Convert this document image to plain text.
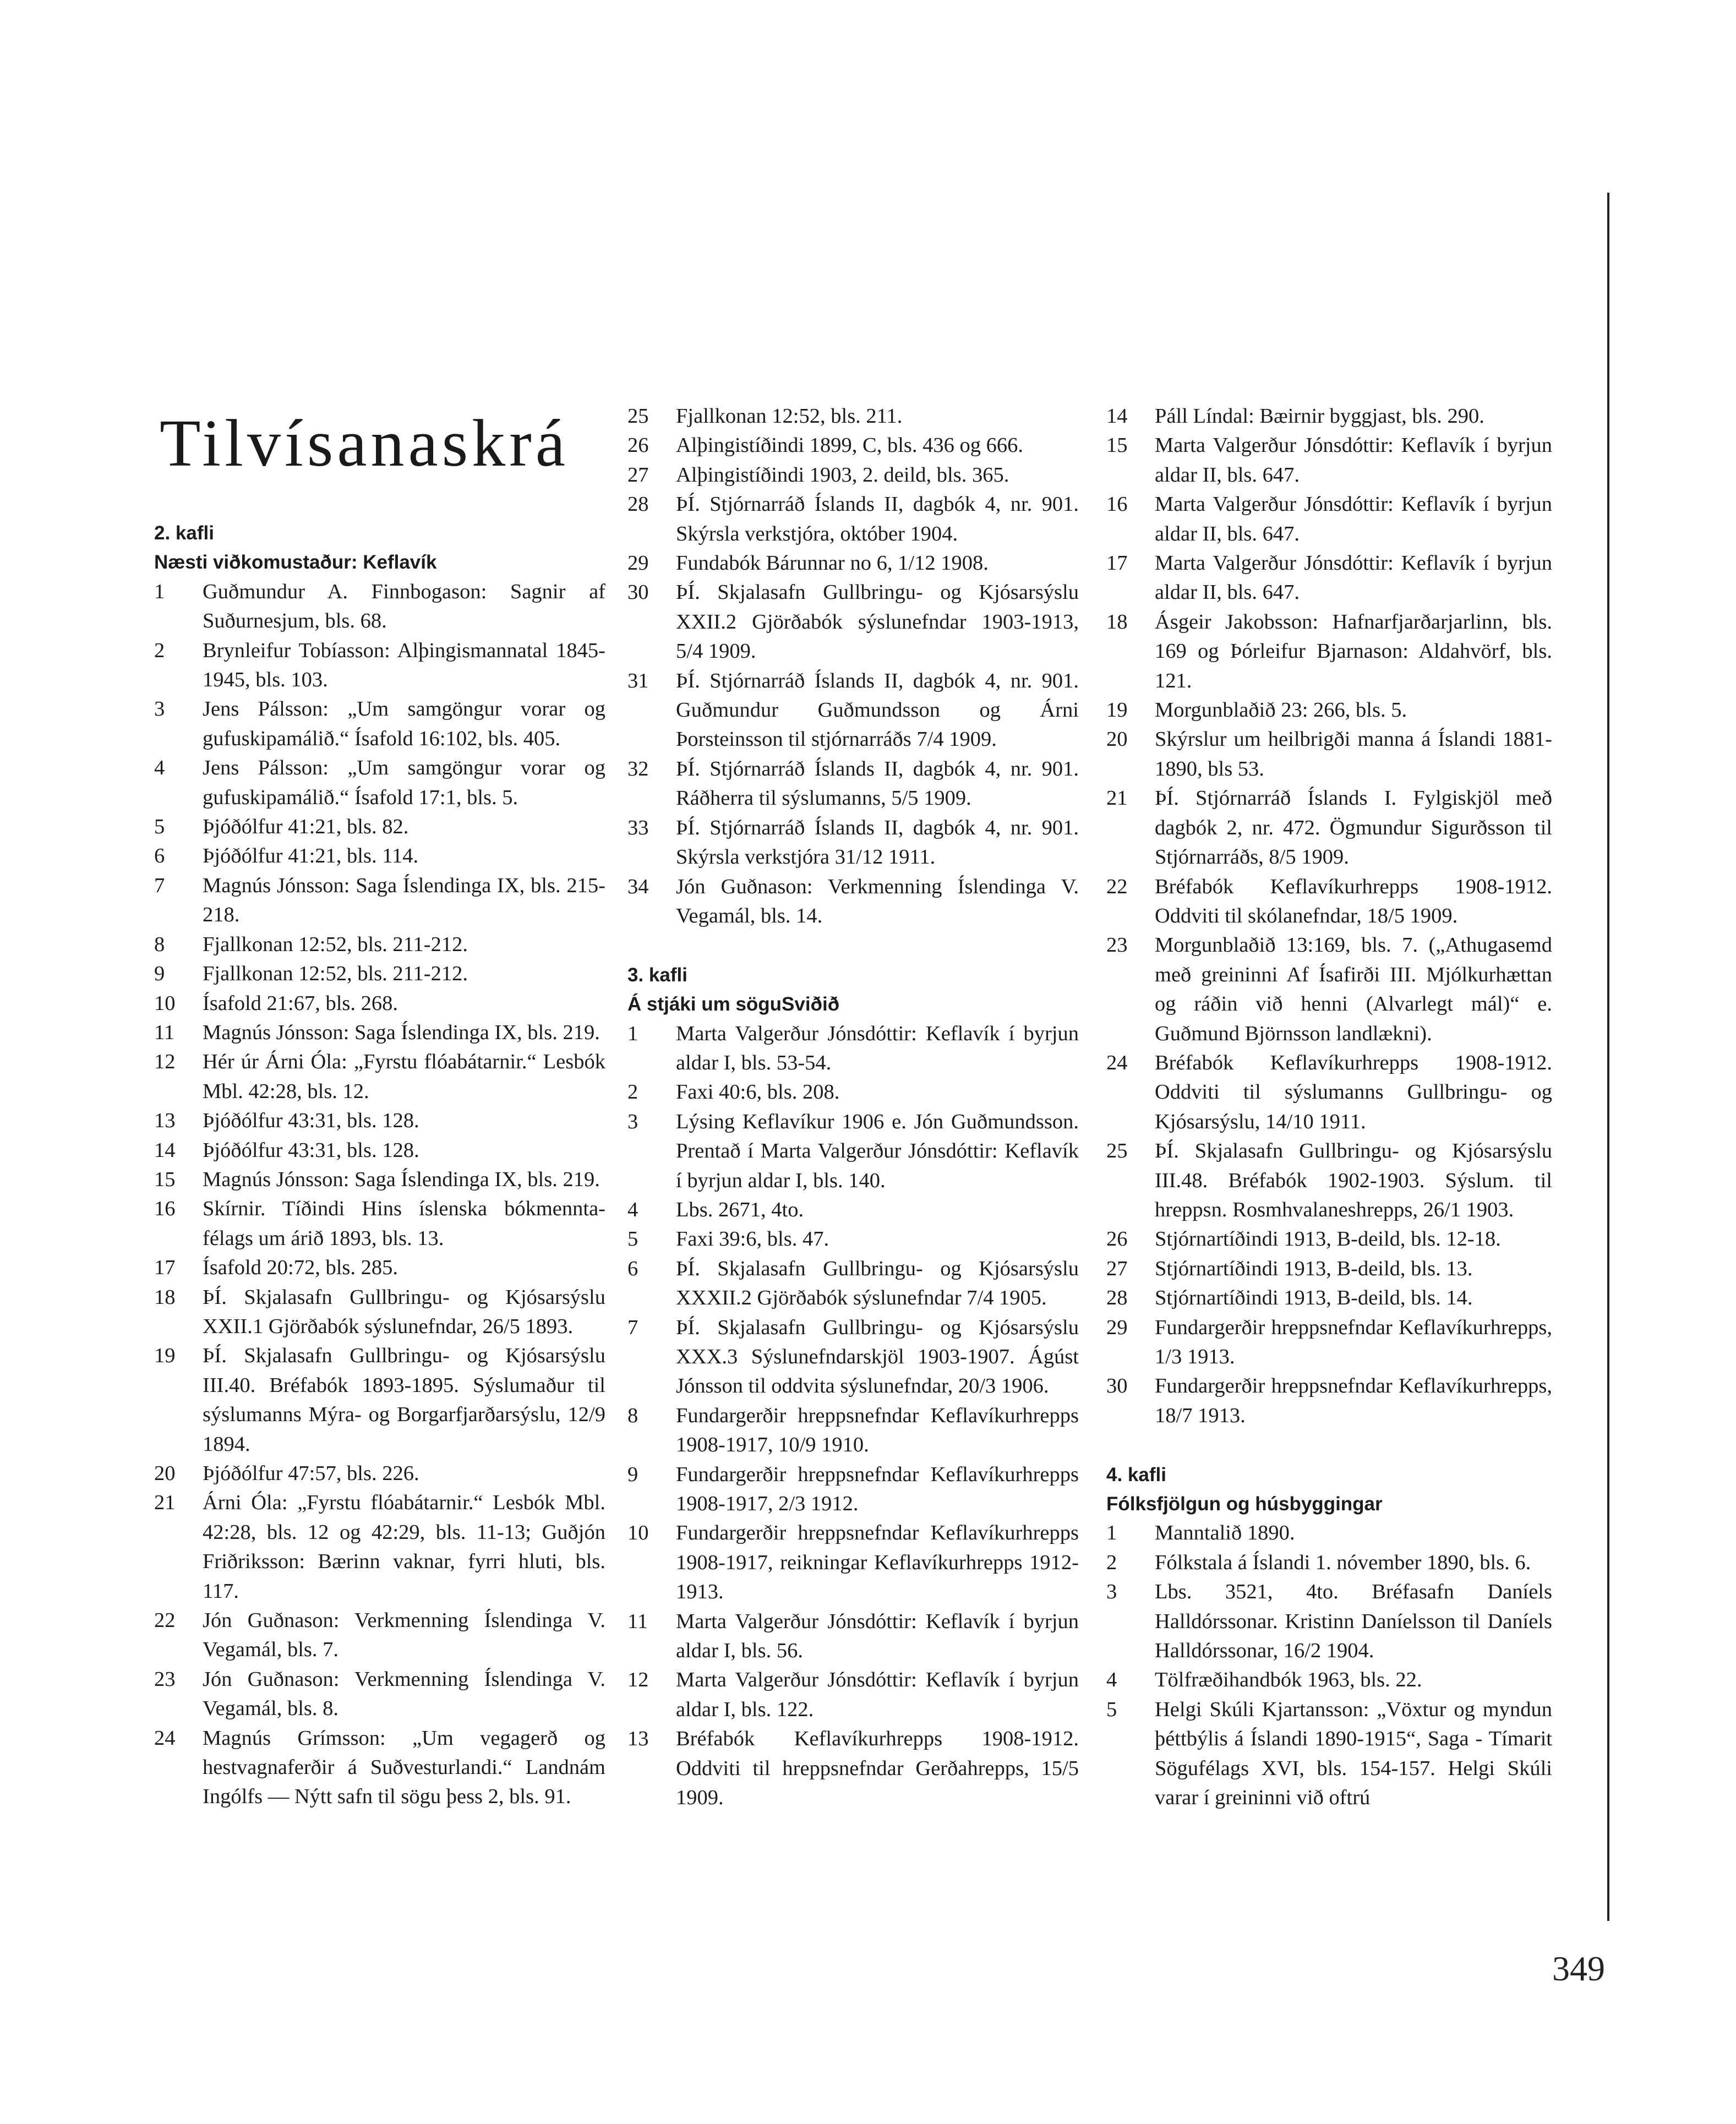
Tilvísanaskrá
2. kafli
Næsti viðkomustaður: Keflavík
1	Guðmundur A. Finnbogason: Sagnir af Suðurnesjum, bls. 68.
2	Brynleifur Tobíasson: Alþingismannatal 1845-1945, bls. 103.
3	Jens Pálsson: „Um samgöngur vorar og gufuskipamálið.“ Ísafold 16:102, bls. 405.
4	Jens Pálsson: „Um samgöngur vorar og gufuskipamálið.“ Ísafold 17:1, bls. 5.
5	Þjóðólfur 41:21, bls. 82.
6	Þjóðólfur 41:21, bls. 114.
7	Magnús Jónsson: Saga Íslendinga IX, bls. 215-218.
8	Fjallkonan 12:52, bls. 211-212.
9	Fjallkonan 12:52, bls. 211-212.
10	Ísafold 21:67, bls. 268.
11	Magnús Jónsson: Saga Íslendinga IX, bls. 219.
12	Hér úr Árni Óla: „Fyrstu flóabátarnir.“ Lesbók Mbl. 42:28, bls. 12.
13	Þjóðólfur 43:31, bls. 128.
14	Þjóðólfur 43:31, bls. 128.
15	Magnús Jónsson: Saga Íslendinga IX, bls. 219.
16	Skírnir. Tíðindi Hins íslenska bókmennta-félags um árið 1893, bls. 13.
17	Ísafold 20:72, bls. 285.
18	ÞÍ. Skjalasafn Gullbringu- og Kjósarsýslu XXII.1 Gjörðabók sýslunefndar, 26/5 1893.
19	ÞÍ. Skjalasafn Gullbringu- og Kjósarsýslu III.40. Bréfabók 1893-1895. Sýslumaður til sýslumanns Mýra- og Borgarfjarðarsýslu, 12/9 1894.
20	Þjóðólfur 47:57, bls. 226.
21	Árni Óla: „Fyrstu flóabátarnir.“ Lesbók Mbl. 42:28, bls. 12 og 42:29, bls. 11-13; Guðjón Friðriksson: Bærinn vaknar, fyrri hluti, bls. 117.
22	Jón Guðnason: Verkmenning Íslendinga V. Vegamál, bls. 7.
23	Jón Guðnason: Verkmenning Íslendinga V. Vegamál, bls. 8.
24	Magnús Grímsson: „Um vegagerð og hestvagnaferðir á Suðvesturlandi.“ Landnám Ingólfs — Nýtt safn til sögu þess 2, bls. 91.
25	Fjallkonan 12:52, bls. 211.
26	Alþingistíðindi 1899, C, bls. 436 og 666.
27	Alþingistíðindi 1903, 2. deild, bls. 365.
28	ÞÍ. Stjórnarráð Íslands II, dagbók 4, nr. 901. Skýrsla verkstjóra, október 1904.
29	Fundabók Bárunnar no 6, 1/12 1908.
30	ÞÍ. Skjalasafn Gullbringu- og Kjósarsýslu XXII.2 Gjörðabók sýslunefndar 1903-1913, 5/4 1909.
31	ÞÍ. Stjórnarráð Íslands II, dagbók 4, nr. 901. Guðmundur Guðmundsson og Árni Þorsteinsson til stjórnarráðs 7/4 1909.
32	ÞÍ. Stjórnarráð Íslands II, dagbók 4, nr. 901. Ráðherra til sýslumanns, 5/5 1909.
33	ÞÍ. Stjórnarráð Íslands II, dagbók 4, nr. 901. Skýrsla verkstjóra 31/12 1911.
34	Jón Guðnason: Verkmenning Íslendinga V. Vegamál, bls. 14.
3. kafli
Á stjáki um söguSviðið
1	Marta Valgerður Jónsdóttir: Keflavík í byrjun aldar I, bls. 53-54.
2	Faxi 40:6, bls. 208.
3	Lýsing Keflavíkur 1906 e. Jón Guðmundsson. Prentað í Marta Valgerður Jónsdóttir: Keflavík í byrjun aldar I, bls. 140.
4	Lbs. 2671, 4to.
5	Faxi 39:6, bls. 47.
6	ÞÍ. Skjalasafn Gullbringu- og Kjósarsýslu XXXII.2 Gjörðabók sýslunefndar 7/4 1905.
7	ÞÍ. Skjalasafn Gullbringu- og Kjósarsýslu XXX.3 Sýslunefndarskjöl 1903-1907. Ágúst Jónsson til oddvita sýslunefndar, 20/3 1906.
8	Fundargerðir hreppsnefndar Keflavíkurhrepps 1908-1917, 10/9 1910.
9	Fundargerðir hreppsnefndar Keflavíkurhrepps 1908-1917, 2/3 1912.
10	Fundargerðir hreppsnefndar Keflavíkurhrepps 1908-1917, reikningar Keflavíkurhrepps 1912-1913.
11	Marta Valgerður Jónsdóttir: Keflavík í byrjun aldar I, bls. 56.
12	Marta Valgerður Jónsdóttir: Keflavík í byrjun aldar I, bls. 122.
13	Bréfabók Keflavíkurhrepps 1908-1912. Oddviti til hreppsnefndar Gerðahrepps, 15/5 1909.
14	Páll Líndal: Bæirnir byggjast, bls. 290.
15	Marta Valgerður Jónsdóttir: Keflavík í byrjun aldar II, bls. 647.
16	Marta Valgerður Jónsdóttir: Keflavík í byrjun aldar II, bls. 647.
17	Marta Valgerður Jónsdóttir: Keflavík í byrjun aldar II, bls. 647.
18	Ásgeir Jakobsson: Hafnarfjarðarjarlinn, bls. 169 og Þórleifur Bjarnason: Aldahvörf, bls. 121.
19	Morgunblaðið 23: 266, bls. 5.
20	Skýrslur um heilbrigði manna á Íslandi 1881-1890, bls 53.
21	ÞÍ. Stjórnarráð Íslands I. Fylgiskjöl með dagbók 2, nr. 472. Ögmundur Sigurðsson til Stjórnarráðs, 8/5 1909.
22	Bréfabók Keflavíkurhrepps 1908-1912. Oddviti til skólanefndar, 18/5 1909.
23	Morgunblaðið 13:169, bls. 7. („Athugasemd með greininni Af Ísafirði III. Mjólkurhættan og ráðin við henni (Alvarlegt mál)“ e. Guðmund Björnsson landlækni).
24	Bréfabók Keflavíkurhrepps 1908-1912. Oddviti til sýslumanns Gullbringu- og Kjósarsýslu, 14/10 1911.
25	ÞÍ. Skjalasafn Gullbringu- og Kjósarsýslu III.48. Bréfabók 1902-1903. Sýslum. til hreppsn. Rosmhvalaneshrepps, 26/1 1903.
26	Stjórnartíðindi 1913, B-deild, bls. 12-18.
27	Stjórnartíðindi 1913, B-deild, bls. 13.
28	Stjórnartíðindi 1913, B-deild, bls. 14.
29	Fundargerðir hreppsnefndar Keflavíkurhrepps, 1/3 1913.
30	Fundargerðir hreppsnefndar Keflavíkurhrepps, 18/7 1913.
4. kafli
Fólksfjölgun og húsbyggingar
1	Manntalið 1890.
2	Fólkstala á Íslandi 1. nóvember 1890, bls. 6.
3	Lbs. 3521, 4to. Bréfasafn Daníels Halldórssonar. Kristinn Daníelsson til Daníels Halldórssonar, 16/2 1904.
4	Tölfræðihandbók 1963, bls. 22.
5	Helgi Skúli Kjartansson: „Vöxtur og myndun þéttbýlis á Íslandi 1890-1915“, Saga - Tímarit Sögufélags XVI, bls. 154-157. Helgi Skúli varar í greininni við oftrú
349
